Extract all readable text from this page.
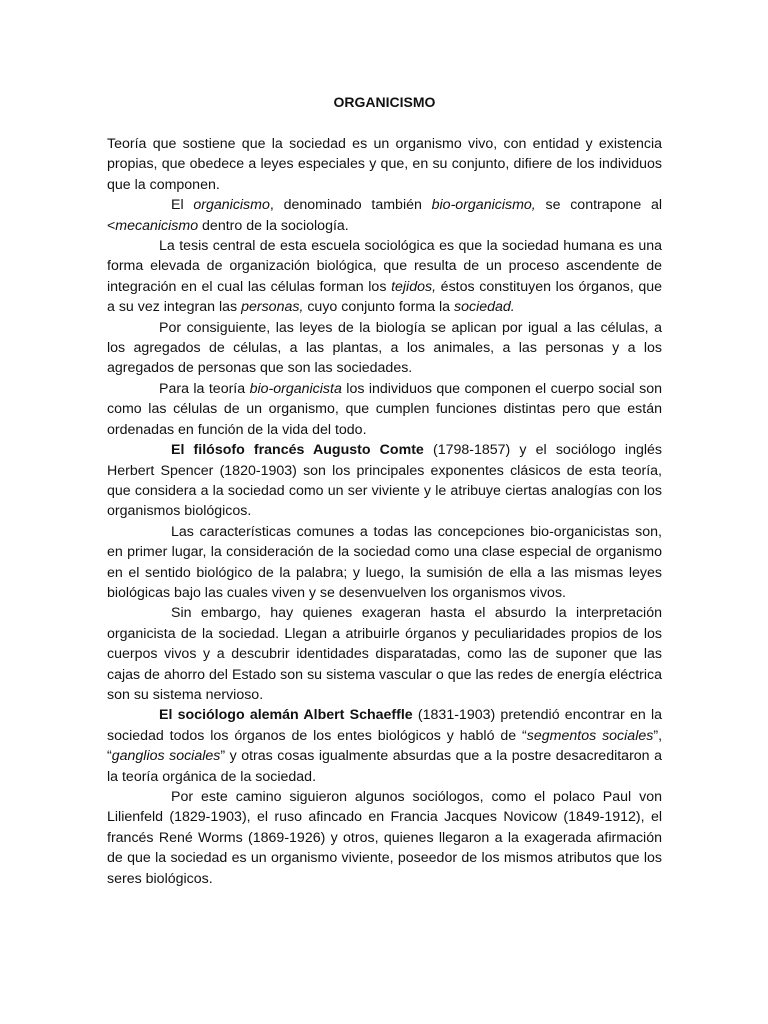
ORGANICISMO

Teoría que sostiene que la sociedad es un organismo vivo, con entidad y existencia propias, que obedece a leyes especiales y que, en su conjunto, difiere de los individuos que la componen.

El organicismo, denominado también bio-organicismo, se contrapone al <mecanicismo dentro de la sociología.

La tesis central de esta escuela sociológica es que la sociedad humana es una forma elevada de organización biológica, que resulta de un proceso ascendente de integración en el cual las células forman los tejidos, éstos constituyen los órganos, que a su vez integran las personas, cuyo conjunto forma la sociedad.

Por consiguiente, las leyes de la biología se aplican por igual a las células, a los agregados de células, a las plantas, a los animales, a las personas y a los agregados de personas que son las sociedades.

Para la teoría bio-organicista los individuos que componen el cuerpo social son como las células de un organismo, que cumplen funciones distintas pero que están ordenadas en función de la vida del todo.

El filósofo francés Augusto Comte (1798-1857) y el sociólogo inglés Herbert Spencer (1820-1903) son los principales exponentes clásicos de esta teoría, que considera a la sociedad como un ser viviente y le atribuye ciertas analogías con los organismos biológicos.

Las características comunes a todas las concepciones bio-organicistas son, en primer lugar, la consideración de la sociedad como una clase especial de organismo en el sentido biológico de la palabra; y luego, la sumisión de ella a las mismas leyes biológicas bajo las cuales viven y se desenvuelven los organismos vivos.

Sin embargo, hay quienes exageran hasta el absurdo la interpretación organicista de la sociedad. Llegan a atribuirle órganos y peculiaridades propios de los cuerpos vivos y a descubrir identidades disparatadas, como las de suponer que las cajas de ahorro del Estado son su sistema vascular o que las redes de energía eléctrica son su sistema nervioso.

El sociólogo alemán Albert Schaeffle (1831-1903) pretendió encontrar en la sociedad todos los órganos de los entes biológicos y habló de “segmentos sociales”, “ganglios sociales” y otras cosas igualmente absurdas que a la postre desacreditaron a la teoría orgánica de la sociedad.

Por este camino siguieron algunos sociólogos, como el polaco Paul von Lilienfeld (1829-1903), el ruso afincado en Francia Jacques Novicow (1849-1912), el francés René Worms (1869-1926) y otros, quienes llegaron a la exagerada afirmación de que la sociedad es un organismo viviente, poseedor de los mismos atributos que los seres biológicos.
